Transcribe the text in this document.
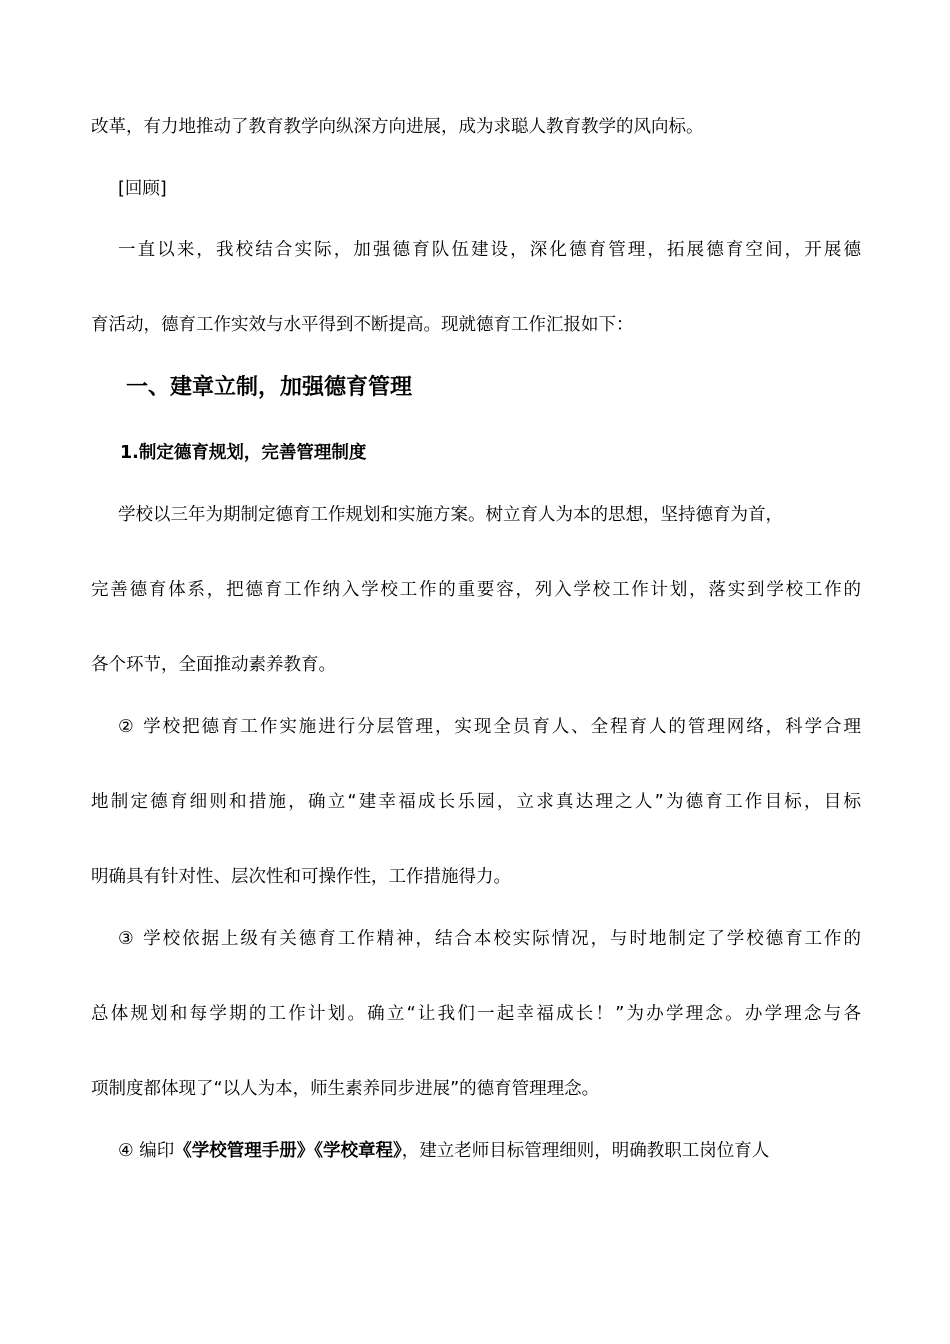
改革，有力地推动了教育教学向纵深方向进展，成为求聪人教育教学的风向标。
[回顾]
一直以来，我校结合实际，加强德育队伍建设，深化德育管理，拓展德育空间，开展德
育活动，德育工作实效与水平得到不断提高。现就德育工作汇报如下：
一、建章立制，加强德育管理
1.制定德育规划，完善管理制度
学校以三年为期制定德育工作规划和实施方案。树立育人为本的思想，坚持德育为首，
完善德育体系，把德育工作纳入学校工作的重要容，列入学校工作计划，落实到学校工作的
各个环节，全面推动素养教育。
② 学校把德育工作实施进行分层管理，实现全员育人、全程育人的管理网络，科学合理
地制定德育细则和措施，确立“建幸福成长乐园，立求真达理之人”为德育工作目标，目标
明确具有针对性、层次性和可操作性，工作措施得力。
③ 学校依据上级有关德育工作精神，结合本校实际情况，与时地制定了学校德育工作的
总体规划和每学期的工作计划。确立“让我们一起幸福成长！”为办学理念。办学理念与各
项制度都体现了“以人为本，师生素养同步进展”的德育管理理念。
④ 编印《学校管理手册》《学校章程》，建立老师目标管理细则，明确教职工岗位育人
